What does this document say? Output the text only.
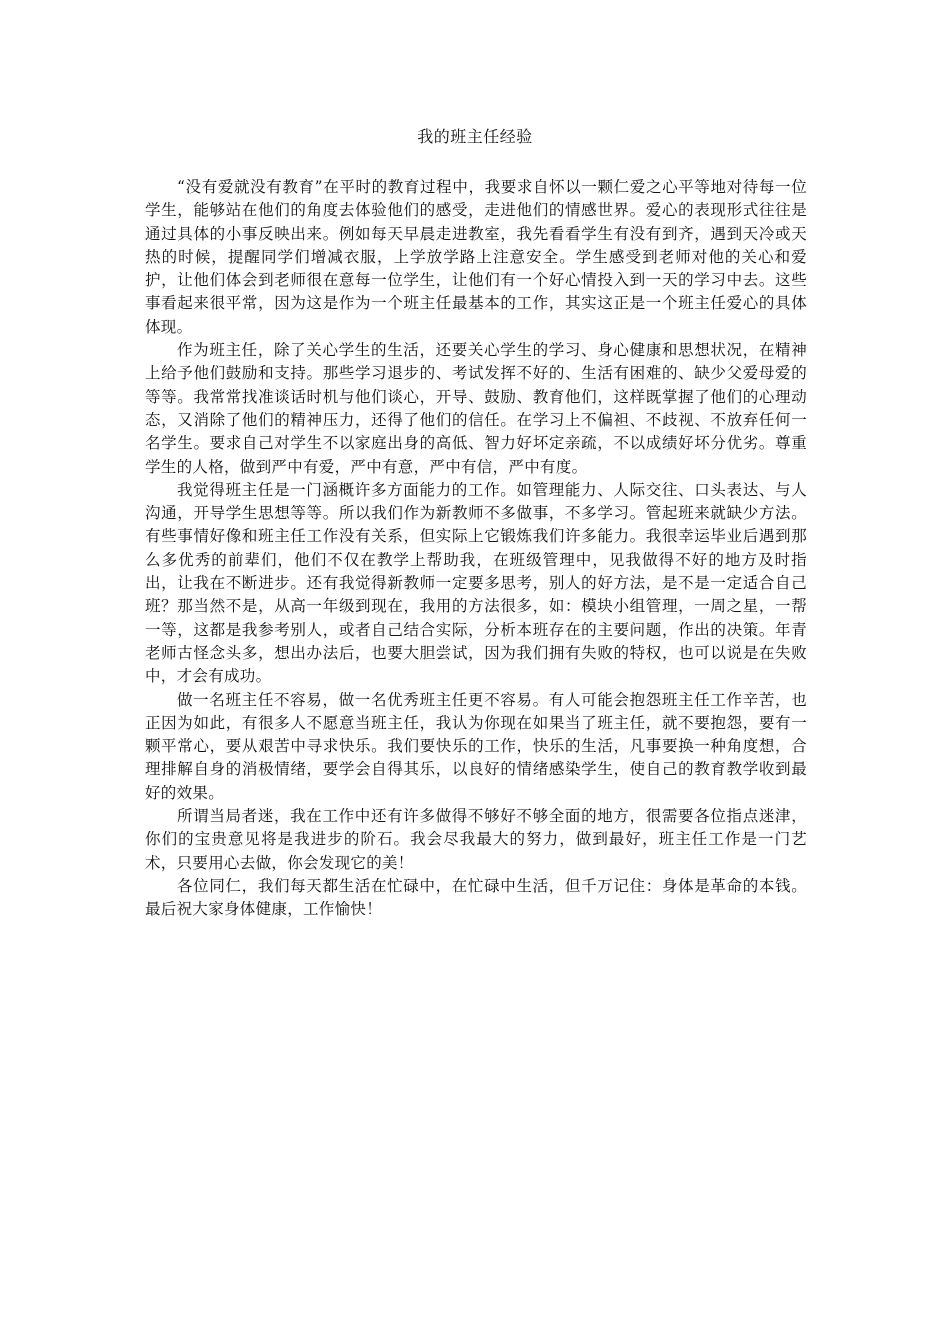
我的班主任经验

“没有爱就没有教育”在平时的教育过程中，我要求自怀以一颗仁爱之心平等地对待每一位学生，能够站在他们的角度去体验他们的感受，走进他们的情感世界。爱心的表现形式往往是通过具体的小事反映出来。例如每天早晨走进教室，我先看看学生有没有到齐，遇到天冷或天热的时候，提醒同学们增减衣服，上学放学路上注意安全。学生感受到老师对他的关心和爱护，让他们体会到老师很在意每一位学生，让他们有一个好心情投入到一天的学习中去。这些事看起来很平常，因为这是作为一个班主任最基本的工作，其实这正是一个班主任爱心的具体体现。

作为班主任，除了关心学生的生活，还要关心学生的学习、身心健康和思想状况，在精神上给予他们鼓励和支持。那些学习退步的、考试发挥不好的、生活有困难的、缺少父爱母爱的等等。我常常找准谈话时机与他们谈心，开导、鼓励、教育他们，这样既掌握了他们的心理动态，又消除了他们的精神压力，还得了他们的信任。在学习上不偏袒、不歧视、不放弃任何一名学生。要求自己对学生不以家庭出身的高低、智力好坏定亲疏，不以成绩好坏分优劣。尊重学生的人格，做到严中有爱，严中有意，严中有信，严中有度。

我觉得班主任是一门涵概许多方面能力的工作。如管理能力、人际交往、口头表达、与人沟通，开导学生思想等等。所以我们作为新教师不多做事，不多学习。管起班来就缺少方法。有些事情好像和班主任工作没有关系，但实际上它锻炼我们许多能力。我很幸运毕业后遇到那么多优秀的前辈们，他们不仅在教学上帮助我，在班级管理中，见我做得不好的地方及时指出，让我在不断进步。还有我觉得新教师一定要多思考，别人的好方法，是不是一定适合自己班？那当然不是，从高一年级到现在，我用的方法很多，如：模块小组管理，一周之星，一帮一等，这都是我参考别人，或者自己结合实际，分析本班存在的主要问题，作出的决策。年青老师古怪念头多，想出办法后，也要大胆尝试，因为我们拥有失败的特权，也可以说是在失败中，才会有成功。

做一名班主任不容易，做一名优秀班主任更不容易。有人可能会抱怨班主任工作辛苦，也正因为如此，有很多人不愿意当班主任，我认为你现在如果当了班主任，就不要抱怨，要有一颗平常心，要从艰苦中寻求快乐。我们要快乐的工作，快乐的生活，凡事要换一种角度想，合理排解自身的消极情绪，要学会自得其乐，以良好的情绪感染学生，使自己的教育教学收到最好的效果。

所谓当局者迷，我在工作中还有许多做得不够好不够全面的地方，很需要各位指点迷津，你们的宝贵意见将是我进步的阶石。我会尽我最大的努力，做到最好，班主任工作是一门艺术，只要用心去做，你会发现它的美！

各位同仁，我们每天都生活在忙碌中，在忙碌中生活，但千万记住：身体是革命的本钱。最后祝大家身体健康，工作愉快！
